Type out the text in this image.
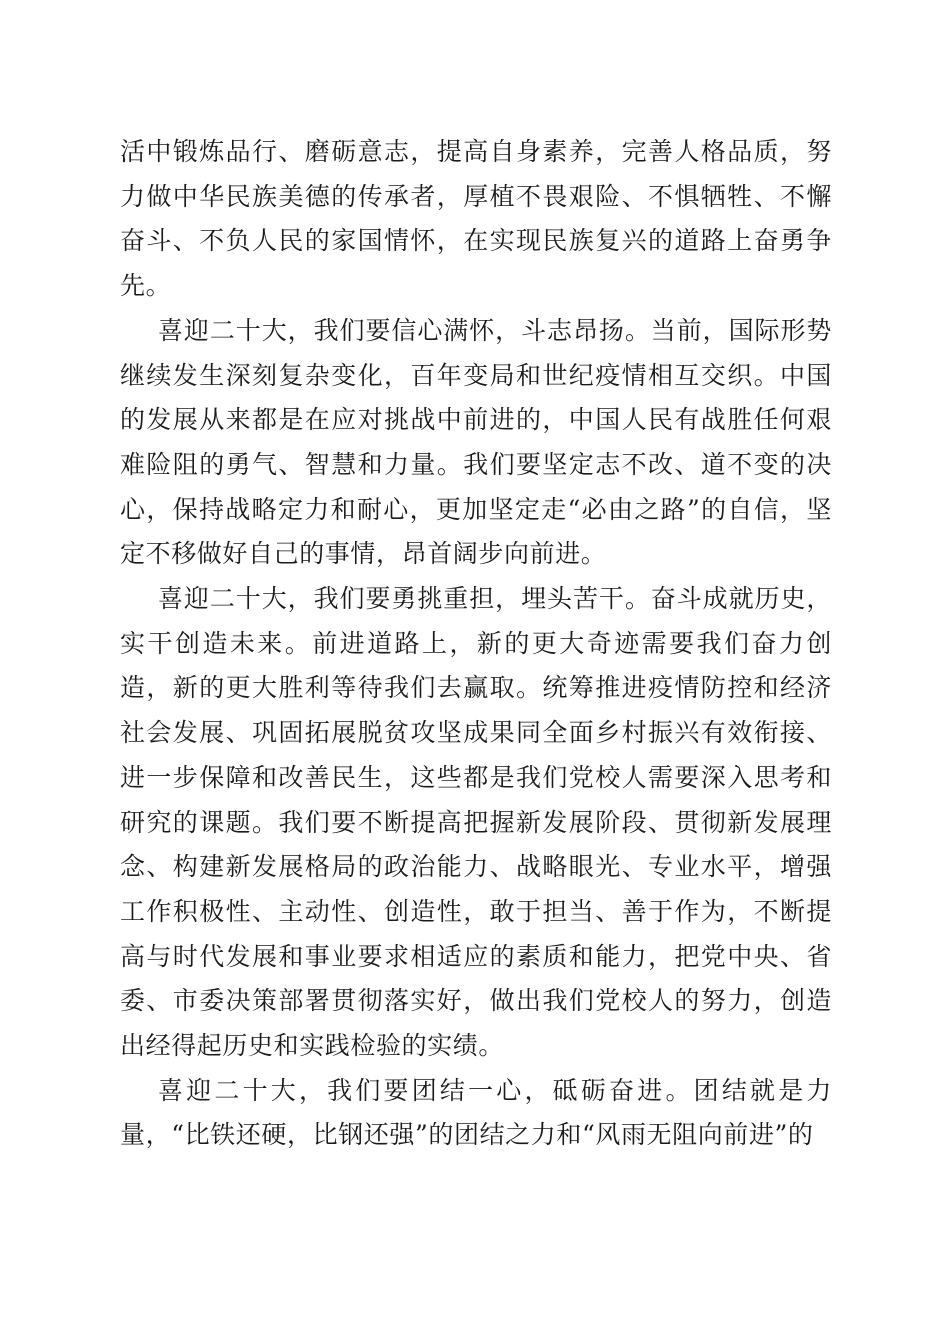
活中锻炼品行、磨砺意志，提高自身素养，完善人格品质，努力做中华民族美德的传承者，厚植不畏艰险、不惧牺牲、不懈奋斗、不负人民的家国情怀，在实现民族复兴的道路上奋勇争先。

喜迎二十大，我们要信心满怀，斗志昂扬。当前，国际形势继续发生深刻复杂变化，百年变局和世纪疫情相互交织。中国的发展从来都是在应对挑战中前进的，中国人民有战胜任何艰难险阻的勇气、智慧和力量。我们要坚定志不改、道不变的决心，保持战略定力和耐心，更加坚定走“必由之路”的自信，坚定不移做好自己的事情，昂首阔步向前进。

喜迎二十大，我们要勇挑重担，埋头苦干。奋斗成就历史，实干创造未来。前进道路上，新的更大奇迹需要我们奋力创造，新的更大胜利等待我们去赢取。统筹推进疫情防控和经济社会发展、巩固拓展脱贫攻坚成果同全面乡村振兴有效衔接、进一步保障和改善民生，这些都是我们党校人需要深入思考和研究的课题。我们要不断提高把握新发展阶段、贯彻新发展理念、构建新发展格局的政治能力、战略眼光、专业水平，增强工作积极性、主动性、创造性，敢于担当、善于作为，不断提高与时代发展和事业要求相适应的素质和能力，把党中央、省委、市委决策部署贯彻落实好，做出我们党校人的努力，创造出经得起历史和实践检验的实绩。

喜迎二十大，我们要团结一心，砥砺奋进。团结就是力量，“比铁还硬，比钢还强”的团结之力和“风雨无阻向前进”的
